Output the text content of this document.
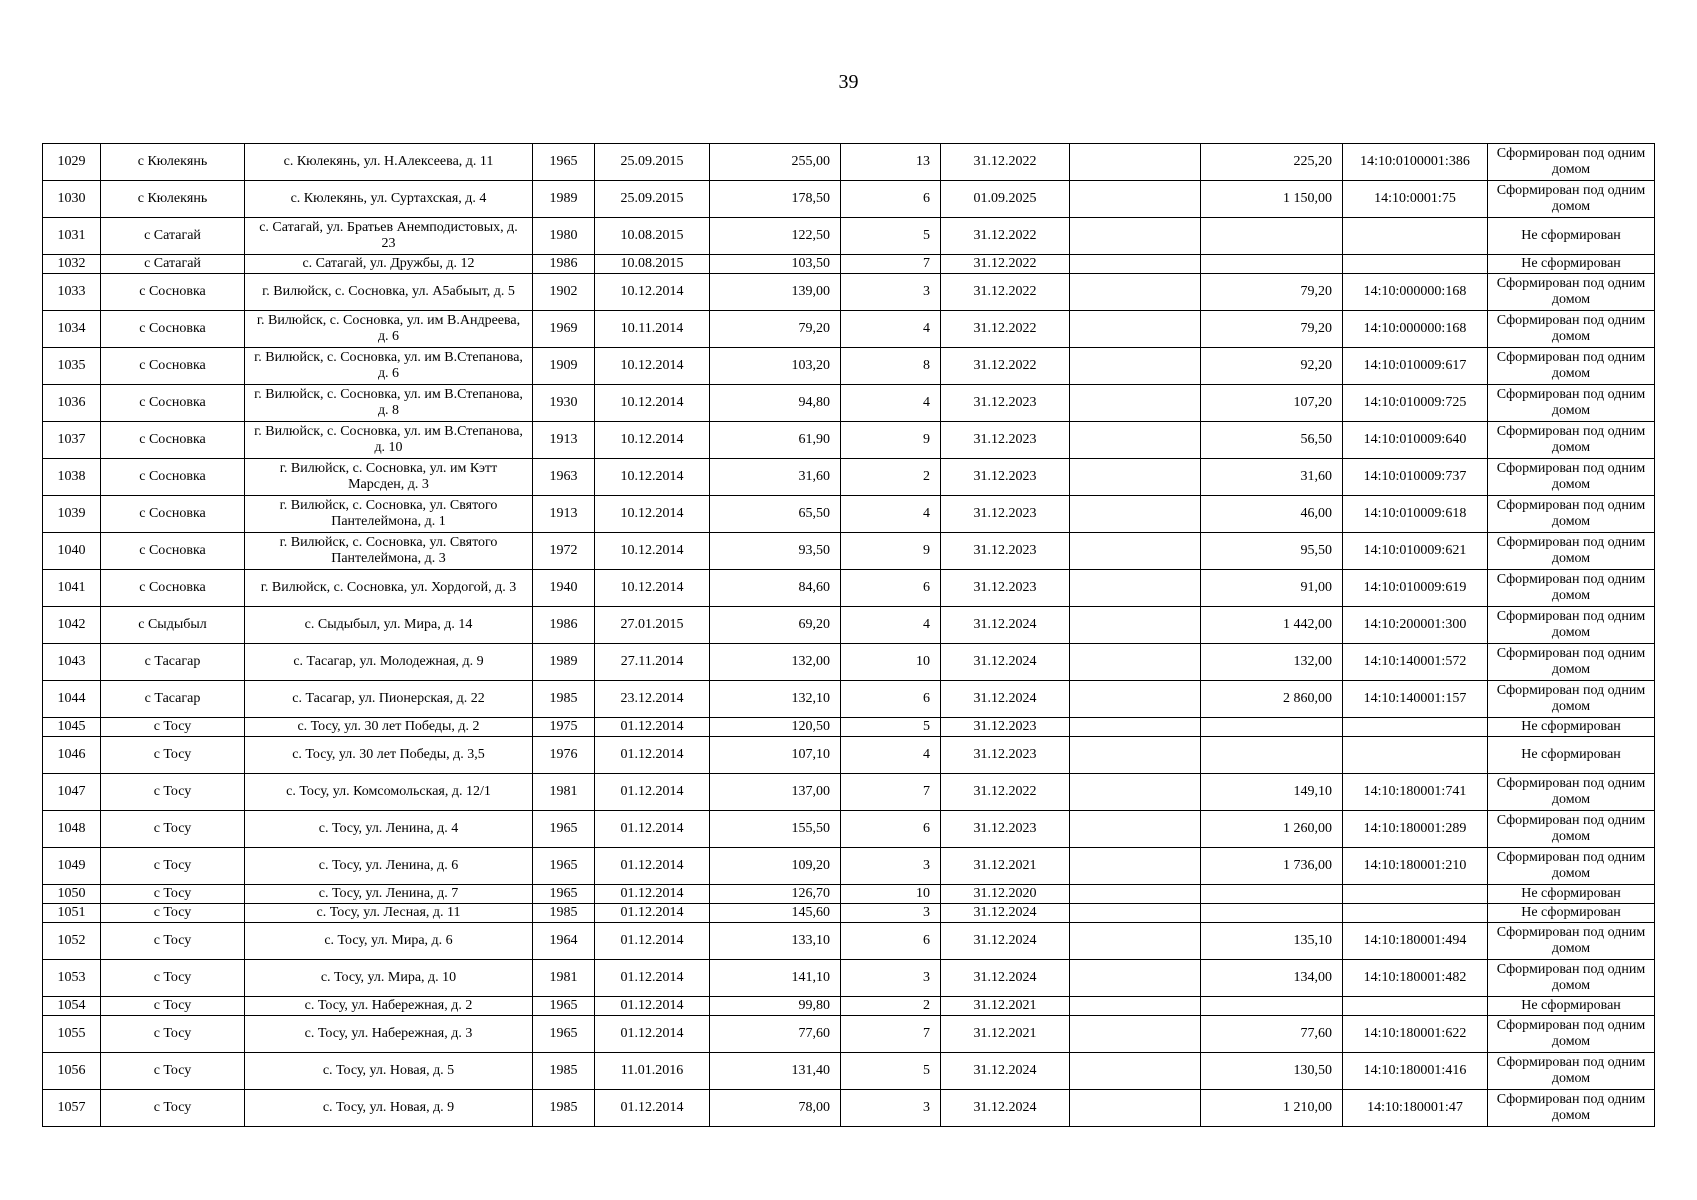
39
1029	с Кюлекянь	с. Кюлекянь, ул. Н.Алексеева, д. 11	1965	25.09.2015	255,00	13	31.12.2022		225,20	14:10:0100001:386	Сформирован под одним домом
1030	с Кюлекянь	с. Кюлекянь, ул. Суртахская, д. 4	1989	25.09.2015	178,50	6	01.09.2025		1 150,00	14:10:0001:75	Сформирован под одним домом
1031	с Сатагай	с. Сатагай, ул. Братьев Анемподистовых, д. 23	1980	10.08.2015	122,50	5	31.12.2022				Не сформирован
1032	с Сатагай	с. Сатагай, ул. Дружбы, д. 12	1986	10.08.2015	103,50	7	31.12.2022				Не сформирован
1033	с Сосновка	г. Вилюйск, с. Сосновка, ул. А5абыыт, д. 5	1902	10.12.2014	139,00	3	31.12.2022		79,20	14:10:000000:168	Сформирован под одним домом
1034	с Сосновка	г. Вилюйск, с. Сосновка, ул. им В.Андреева, д. 6	1969	10.11.2014	79,20	4	31.12.2022		79,20	14:10:000000:168	Сформирован под одним домом
1035	с Сосновка	г. Вилюйск, с. Сосновка, ул. им В.Степанова, д. 6	1909	10.12.2014	103,20	8	31.12.2022		92,20	14:10:010009:617	Сформирован под одним домом
1036	с Сосновка	г. Вилюйск, с. Сосновка, ул. им В.Степанова, д. 8	1930	10.12.2014	94,80	4	31.12.2023		107,20	14:10:010009:725	Сформирован под одним домом
1037	с Сосновка	г. Вилюйск, с. Сосновка, ул. им В.Степанова, д. 10	1913	10.12.2014	61,90	9	31.12.2023		56,50	14:10:010009:640	Сформирован под одним домом
1038	с Сосновка	г. Вилюйск, с. Сосновка, ул. им Кэтт Марсден, д. 3	1963	10.12.2014	31,60	2	31.12.2023		31,60	14:10:010009:737	Сформирован под одним домом
1039	с Сосновка	г. Вилюйск, с. Сосновка, ул. Святого Пантелеймона, д. 1	1913	10.12.2014	65,50	4	31.12.2023		46,00	14:10:010009:618	Сформирован под одним домом
1040	с Сосновка	г. Вилюйск, с. Сосновка, ул. Святого Пантелеймона, д. 3	1972	10.12.2014	93,50	9	31.12.2023		95,50	14:10:010009:621	Сформирован под одним домом
1041	с Сосновка	г. Вилюйск, с. Сосновка, ул. Хордогой, д. 3	1940	10.12.2014	84,60	6	31.12.2023		91,00	14:10:010009:619	Сформирован под одним домом
1042	с Сыдыбыл	с. Сыдыбыл, ул. Мира, д. 14	1986	27.01.2015	69,20	4	31.12.2024		1 442,00	14:10:200001:300	Сформирован под одним домом
1043	с Тасагар	с. Тасагар, ул. Молодежная, д. 9	1989	27.11.2014	132,00	10	31.12.2024		132,00	14:10:140001:572	Сформирован под одним домом
1044	с Тасагар	с. Тасагар, ул. Пионерская, д. 22	1985	23.12.2014	132,10	6	31.12.2024		2 860,00	14:10:140001:157	Сформирован под одним домом
1045	с Тосу	с. Тосу, ул. 30 лет Победы, д. 2	1975	01.12.2014	120,50	5	31.12.2023				Не сформирован
1046	с Тосу	с. Тосу, ул. 30 лет Победы, д. 3,5	1976	01.12.2014	107,10	4	31.12.2023				Не сформирован
1047	с Тосу	с. Тосу, ул. Комсомольская, д. 12/1	1981	01.12.2014	137,00	7	31.12.2022		149,10	14:10:180001:741	Сформирован под одним домом
1048	с Тосу	с. Тосу, ул. Ленина, д. 4	1965	01.12.2014	155,50	6	31.12.2023		1 260,00	14:10:180001:289	Сформирован под одним домом
1049	с Тосу	с. Тосу, ул. Ленина, д. 6	1965	01.12.2014	109,20	3	31.12.2021		1 736,00	14:10:180001:210	Сформирован под одним домом
1050	с Тосу	с. Тосу, ул. Ленина, д. 7	1965	01.12.2014	126,70	10	31.12.2020				Не сформирован
1051	с Тосу	с. Тосу, ул. Лесная, д. 11	1985	01.12.2014	145,60	3	31.12.2024				Не сформирован
1052	с Тосу	с. Тосу, ул. Мира, д. 6	1964	01.12.2014	133,10	6	31.12.2024		135,10	14:10:180001:494	Сформирован под одним домом
1053	с Тосу	с. Тосу, ул. Мира, д. 10	1981	01.12.2014	141,10	3	31.12.2024		134,00	14:10:180001:482	Сформирован под одним домом
1054	с Тосу	с. Тосу, ул. Набережная, д. 2	1965	01.12.2014	99,80	2	31.12.2021				Не сформирован
1055	с Тосу	с. Тосу, ул. Набережная, д. 3	1965	01.12.2014	77,60	7	31.12.2021		77,60	14:10:180001:622	Сформирован под одним домом
1056	с Тосу	с. Тосу, ул. Новая, д. 5	1985	11.01.2016	131,40	5	31.12.2024		130,50	14:10:180001:416	Сформирован под одним домом
1057	с Тосу	с. Тосу, ул. Новая, д. 9	1985	01.12.2014	78,00	3	31.12.2024		1 210,00	14:10:180001:47	Сформирован под одним домом
